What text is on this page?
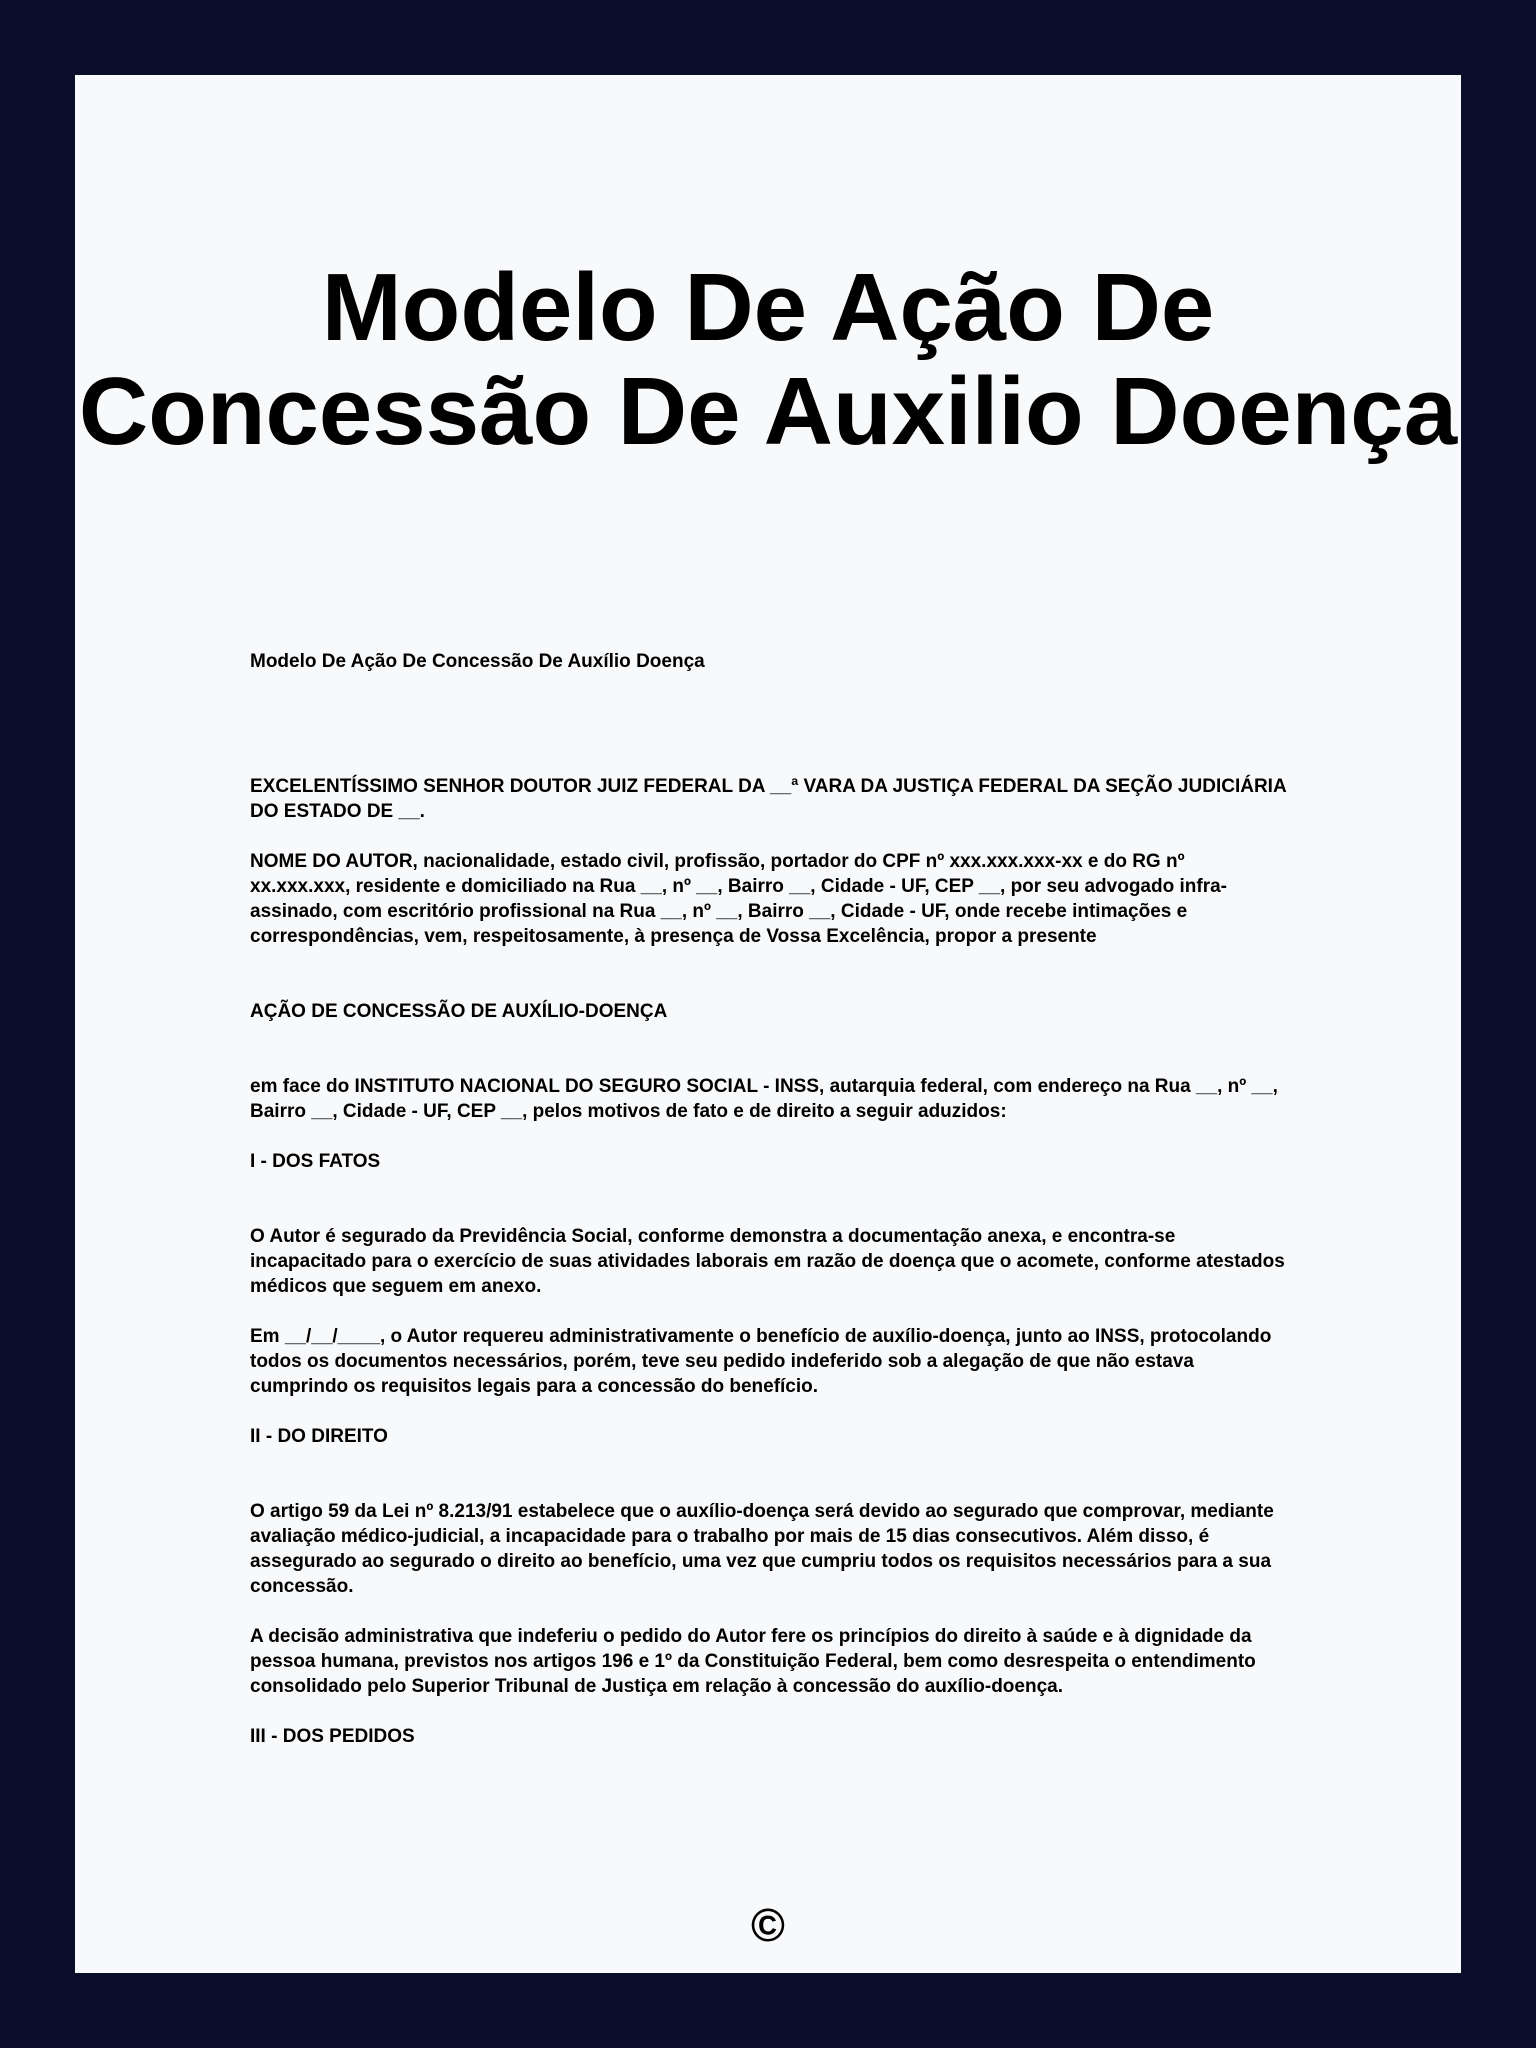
Modelo De Ação De Concessão De Auxilio Doença

Modelo De Ação De Concessão De Auxílio Doença

EXCELENTÍSSIMO SENHOR DOUTOR JUIZ FEDERAL DA __ª VARA DA JUSTIÇA FEDERAL DA SEÇÃO JUDICIÁRIA DO ESTADO DE __.

NOME DO AUTOR, nacionalidade, estado civil, profissão, portador do CPF nº xxx.xxx.xxx-xx e do RG nº xx.xxx.xxx, residente e domiciliado na Rua __, nº __, Bairro __, Cidade - UF, CEP __, por seu advogado infra-assinado, com escritório profissional na Rua __, nº __, Bairro __, Cidade - UF, onde recebe intimações e correspondências, vem, respeitosamente, à presença de Vossa Excelência, propor a presente

AÇÃO DE CONCESSÃO DE AUXÍLIO-DOENÇA

em face do INSTITUTO NACIONAL DO SEGURO SOCIAL - INSS, autarquia federal, com endereço na Rua __, nº __, Bairro __, Cidade - UF, CEP __, pelos motivos de fato e de direito a seguir aduzidos:

I - DOS FATOS

O Autor é segurado da Previdência Social, conforme demonstra a documentação anexa, e encontra-se incapacitado para o exercício de suas atividades laborais em razão de doença que o acomete, conforme atestados médicos que seguem em anexo.

Em __/__/____, o Autor requereu administrativamente o benefício de auxílio-doença, junto ao INSS, protocolando todos os documentos necessários, porém, teve seu pedido indeferido sob a alegação de que não estava cumprindo os requisitos legais para a concessão do benefício.

II - DO DIREITO

O artigo 59 da Lei nº 8.213/91 estabelece que o auxílio-doença será devido ao segurado que comprovar, mediante avaliação médico-judicial, a incapacidade para o trabalho por mais de 15 dias consecutivos. Além disso, é assegurado ao segurado o direito ao benefício, uma vez que cumpriu todos os requisitos necessários para a sua concessão.

A decisão administrativa que indeferiu o pedido do Autor fere os princípios do direito à saúde e à dignidade da pessoa humana, previstos nos artigos 196 e 1º da Constituição Federal, bem como desrespeita o entendimento consolidado pelo Superior Tribunal de Justiça em relação à concessão do auxílio-doença.

III - DOS PEDIDOS

©
